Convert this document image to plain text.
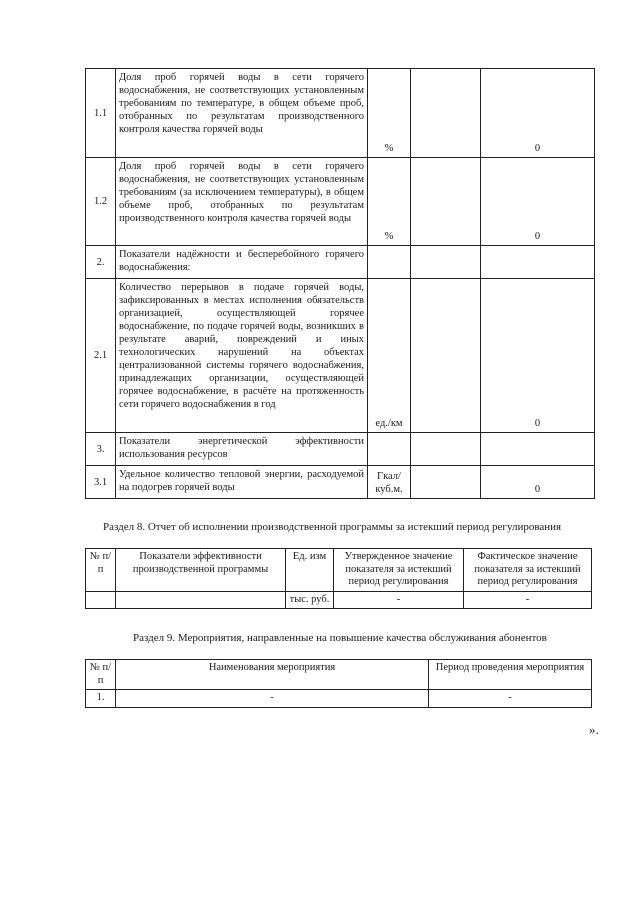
1.1	Доля проб горячей воды в сети горячего водоснабжения, не соответствующих установленным требованиям по температуре, в общем объеме проб, отобранных по результатам производственного контроля качества горячей воды	%		0
1.2	Доля проб горячей воды в сети горячего водоснабжения, не соответствующих установленным требованиям (за исключением температуры), в общем объеме проб, отобранных по результатам производственного контроля качества горячей воды	%		0
2.	Показатели надёжности и бесперебойного горячего водоснабжения:			
2.1	Количество перерывов в подаче горячей воды, зафиксированных в местах исполнения обязательств организацией, осуществляющей горячее водоснабжение, по подаче горячей воды, возникших в результате аварий, повреждений и иных технологических нарушений на объектах централизованной системы горячего водоснабжения, принадлежащих организации, осуществляющей горячее водоснабжение, в расчёте на протяженность сети горячего водоснабжения в год	ед./км		0
3.	Показатели энергетической эффективности использования ресурсов			
3.1	Удельное количество тепловой энергии, расходуемой на подогрев горячей воды	Гкал/ куб.м.		0
Раздел 8. Отчет об исполнении производственной программы за истекший период регулирования
№ п/п	Показатели эффективности производственной программы	Ед. изм	Утвержденное значение показателя за истекший период регулирования	Фактическое значение показателя за истекший период регулирования
		тыс. руб.	-	-
Раздел 9. Мероприятия, направленные на повышение качества обслуживания абонентов
№ п/п	Наименования мероприятия	Период проведения мероприятия
1.	-	-
».
